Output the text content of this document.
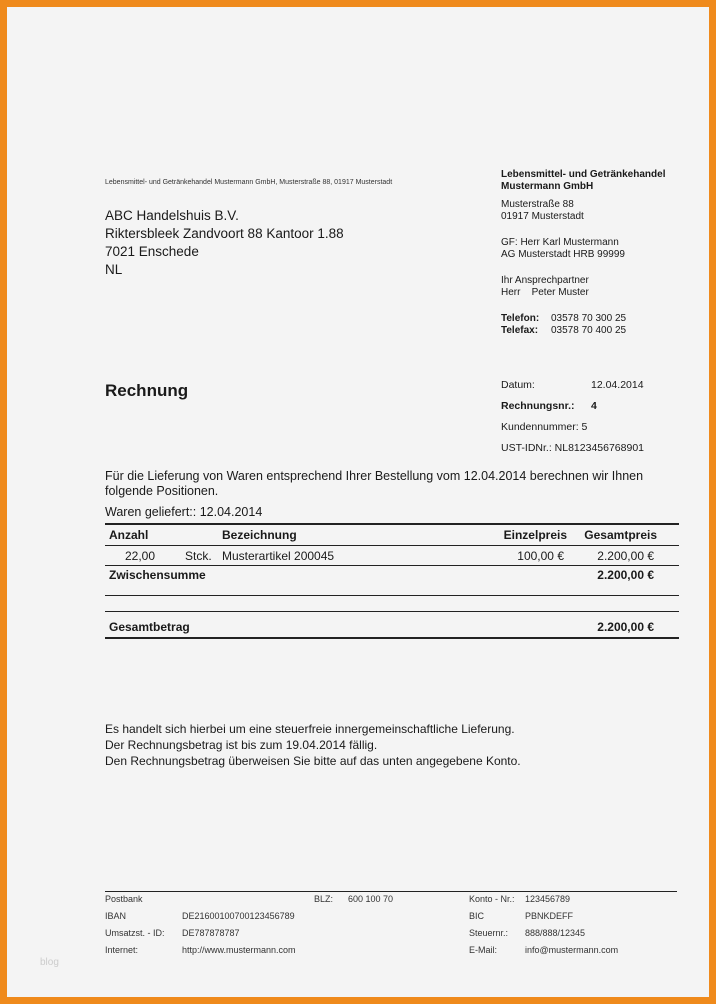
Lebensmittel- und Getränkehandel Mustermann GmbH, Musterstraße 88, 01917 Musterstadt
ABC Handelshuis B.V.
Riktersbleek Zandvoort 88 Kantoor 1.88
7021 Enschede
NL
Lebensmittel- und Getränkehandel
Mustermann GmbH
Musterstraße 88
01917 Musterstadt
GF: Herr Karl Mustermann
AG Musterstadt HRB 99999
Ihr Ansprechpartner
Herr Peter Muster
Telefon: 03578 70 300 25
Telefax: 03578 70 400 25
Rechnung	Datum:	12.04.2014
Rechnungsnr.: 4
Kundennummer: 5
UST-IDNr.: NL8123456768901
Für die Lieferung von Waren entsprechend Ihrer Bestellung vom 12.04.2014 berechnen wir Ihnen
folgende Positionen.
Waren geliefert:: 12.04.2014
Anzahl	Bezeichnung	Einzelpreis Gesamtpreis
22,00 Stck. Musterartikel 200045	100,00 €	2.200,00 €
Zwischensumme	2.200,00 €
Gesamtbetrag	2.200,00 €
Es handelt sich hierbei um eine steuerfreie innergemeinschaftliche Lieferung.
Der Rechnungsbetrag ist bis zum 19.04.2014 fällig.
Den Rechnungsbetrag überweisen Sie bitte auf das unten angegebene Konto.
Postbank	BLZ: 600 100 70	Konto - Nr.: 123456789
IBAN	DE21600100700123456789	BIC	PBNKDEFF
Umsatzst. - ID: DE787878787	Steuernr.: 888/888/12345
Internet:	http://www.mustermann.com	E-Mail:	info@mustermann.com
blog
